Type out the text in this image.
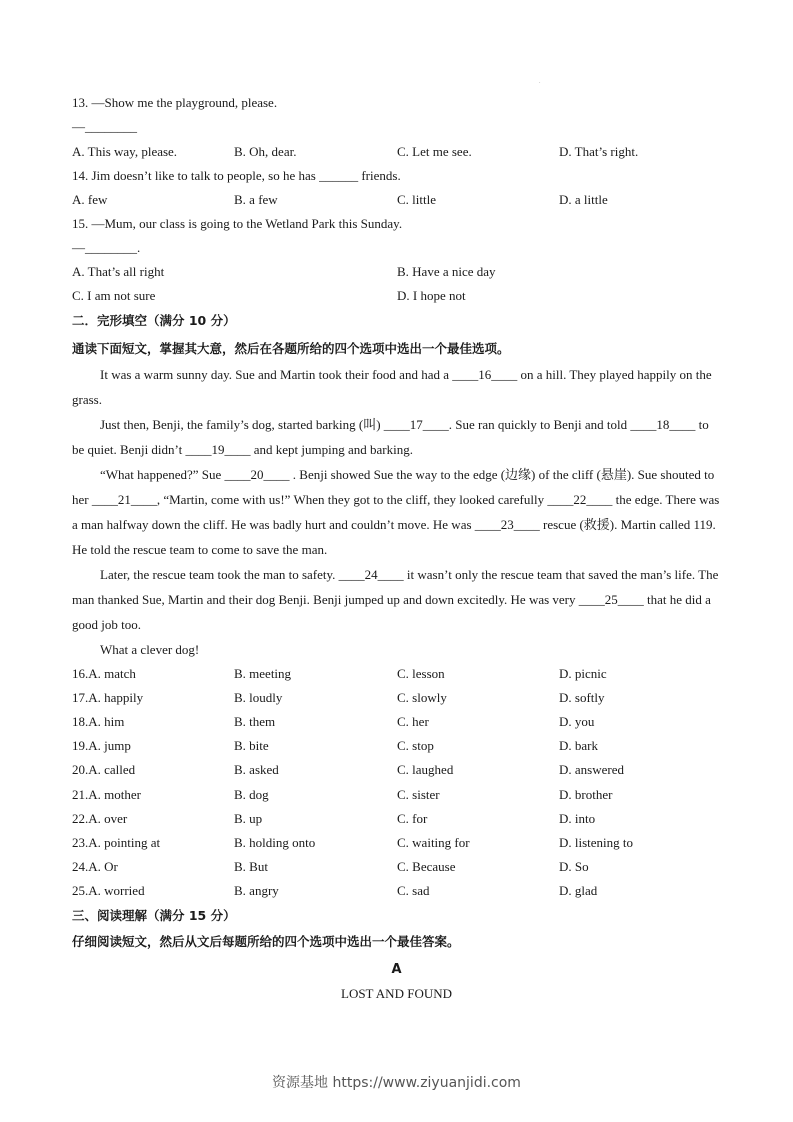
.
13. —Show me the playground, please.
—________
A. This way, please.	B. Oh, dear.	C. Let me see.	D. That’s right.
14. Jim doesn’t like to talk to people, so he has ______ friends.
A. few	B. a few	C. little	D. a little
15. —Mum, our class is going to the Wetland Park this Sunday.
—________.
A. That’s all right	B. Have a nice day
C. I am not sure	D. I hope not
二．完形填空（满分 10 分）
通读下面短文，掌握其大意，然后在各题所给的四个选项中选出一个最佳选项。

It was a warm sunny day. Sue and Martin took their food and had a ____16____ on a hill. They played happily on the grass.

Just then, Benji, the family’s dog, started barking (叫) ____17____. Sue ran quickly to Benji and told ____18____ to be quiet. Benji didn’t ____19____ and kept jumping and barking.

“What happened?” Sue ____20____ . Benji showed Sue the way to the edge (边缘) of the cliff (悬崖). Sue shouted to her ____21____, “Martin, come with us!” When they got to the cliff, they looked carefully ____22____ the edge. There was a man halfway down the cliff. He was badly hurt and couldn’t move. He was ____23____ rescue (救援). Martin called 119. He told the rescue team to come to save the man.

Later, the rescue team took the man to safety. ____24____ it wasn’t only the rescue team that saved the man’s life. The man thanked Sue, Martin and their dog Benji. Benji jumped up and down excitedly. He was very ____25____ that he did a good job too.

What a clever dog!

16.A. match	B. meeting	C. lesson	D. picnic
17.A. happily	B. loudly	C. slowly	D. softly
18.A. him	B. them	C. her	D. you
19.A. jump	B. bite	C. stop	D. bark
20.A. called	B. asked	C. laughed	D. answered
21.A. mother	B. dog	C. sister	D. brother
22.A. over	B. up	C. for	D. into
23.A. pointing at	B. holding onto	C. waiting for	D. listening to
24.A. Or	B. But	C. Because	D. So
25.A. worried	B. angry	C. sad	D. glad
三、阅读理解（满分 15 分）
仔细阅读短文，然后从文后每题所给的四个选项中选出一个最佳答案。
A
LOST AND FOUND
资源基地 https://www.ziyuanjidi.com
